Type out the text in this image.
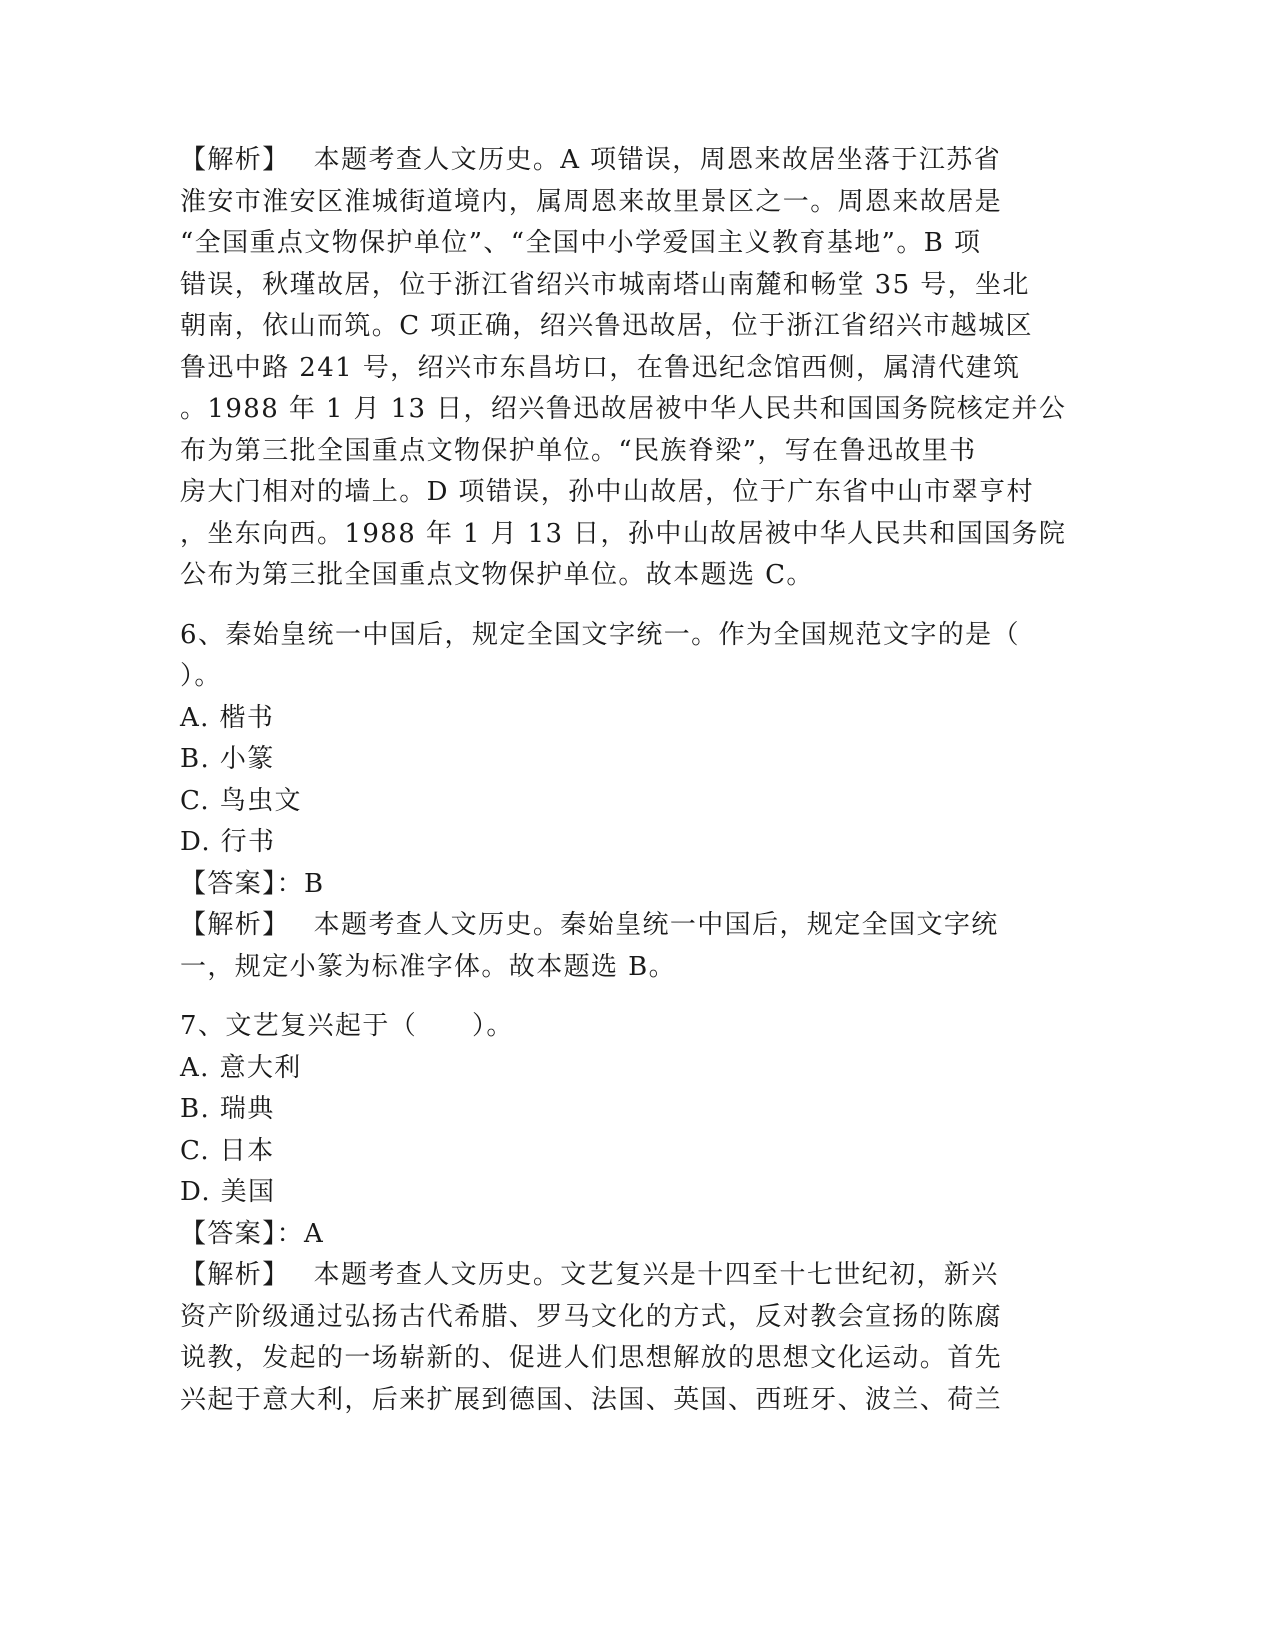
【解析】　 本题考查人文历史。A 项错误，周恩来故居坐落于江苏省
淮安市淮安区淮城街道境内，属周恩来故里景区之一。周恩来故居是
“全国重点文物保护单位”、“全国中小学爱国主义教育基地”。B 项
错误，秋瑾故居，位于浙江省绍兴市城南塔山南麓和畅堂 35 号，坐北
朝南，依山而筑。C 项正确，绍兴鲁迅故居，位于浙江省绍兴市越城区
鲁迅中路 241 号，绍兴市东昌坊口，在鲁迅纪念馆西侧，属清代建筑
。1988 年 1 月 13 日，绍兴鲁迅故居被中华人民共和国国务院核定并公
布为第三批全国重点文物保护单位。“民族脊梁”，写在鲁迅故里书
房大门相对的墙上。D 项错误，孙中山故居，位于广东省中山市翠亨村
，坐东向西。1988 年 1 月 13 日，孙中山故居被中华人民共和国国务院
公布为第三批全国重点文物保护单位。故本题选 C。
6、秦始皇统一中国后，规定全国文字统一。作为全国规范文字的是（
）。
A. 楷书
B. 小篆
C. 鸟虫文
D. 行书
【答案】：B
【解析】　 本题考查人文历史。秦始皇统一中国后，规定全国文字统
一，规定小篆为标准字体。故本题选 B。
7、文艺复兴起于（　　）。
A. 意大利
B. 瑞典
C. 日本
D. 美国
【答案】：A
【解析】　 本题考查人文历史。文艺复兴是十四至十七世纪初，新兴
资产阶级通过弘扬古代希腊、罗马文化的方式，反对教会宣扬的陈腐
说教，发起的一场崭新的、促进人们思想解放的思想文化运动。首先
兴起于意大利，后来扩展到德国、法国、英国、西班牙、波兰、荷兰
